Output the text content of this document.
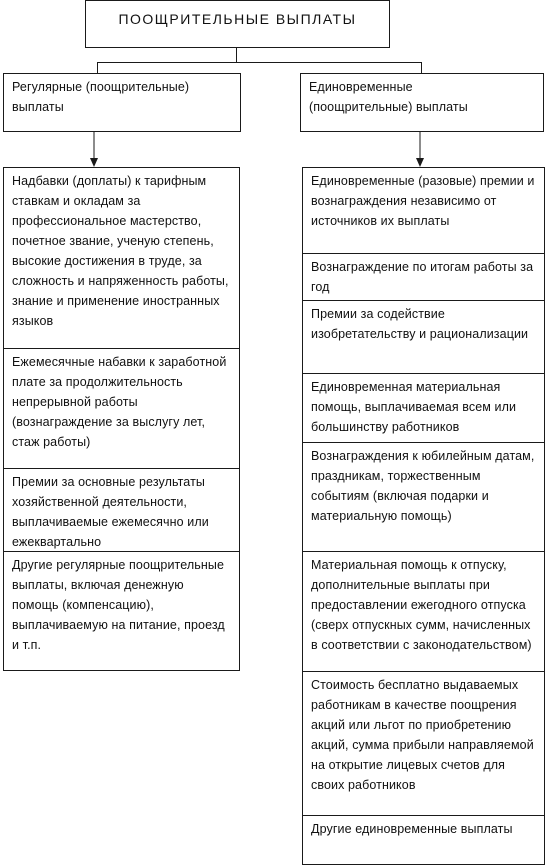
ПООЩРИТЕЛЬНЫЕ ВЫПЛАТЫ
Регулярные (поощрительные)
выплаты
Единовременные
(поощрительные) выплаты
Надбавки (доплаты) к тарифным ставкам и окладам за профессиональное мастерство, почетное звание, ученую степень, высокие достижения в труде, за сложность и напряженность работы, знание и применение иностранных языков
Ежемесячные набавки к заработной плате за продолжительность непрерывной работы (вознаграждение за выслугу лет, стаж работы)
Премии за основные результаты хозяйственной деятельности, выплачиваемые ежемесячно или ежеквартально
Другие регулярные поощрительные выплаты, включая денежную помощь (компенсацию), выплачиваемую на питание, проезд и т.п.
Единовременные (разовые) премии и вознаграждения независимо от источников их выплаты
Вознаграждение по итогам работы за год
Премии за содействие изобретательству и рационализации
Единовременная материальная помощь, выплачиваемая всем или большинству работников
Вознаграждения к юбилейным датам, праздникам, торжественным событиям (включая подарки и материальную помощь)
Материальная помощь к отпуску, дополнительные выплаты при предоставлении ежегодного отпуска (сверх отпускных сумм, начисленных в соответствии с законодательством)
Стоимость бесплатно выдаваемых работникам в качестве поощрения акций или льгот по приобретению акций, сумма прибыли направляемой на открытие лицевых счетов для своих работников
Другие единовременные выплаты
